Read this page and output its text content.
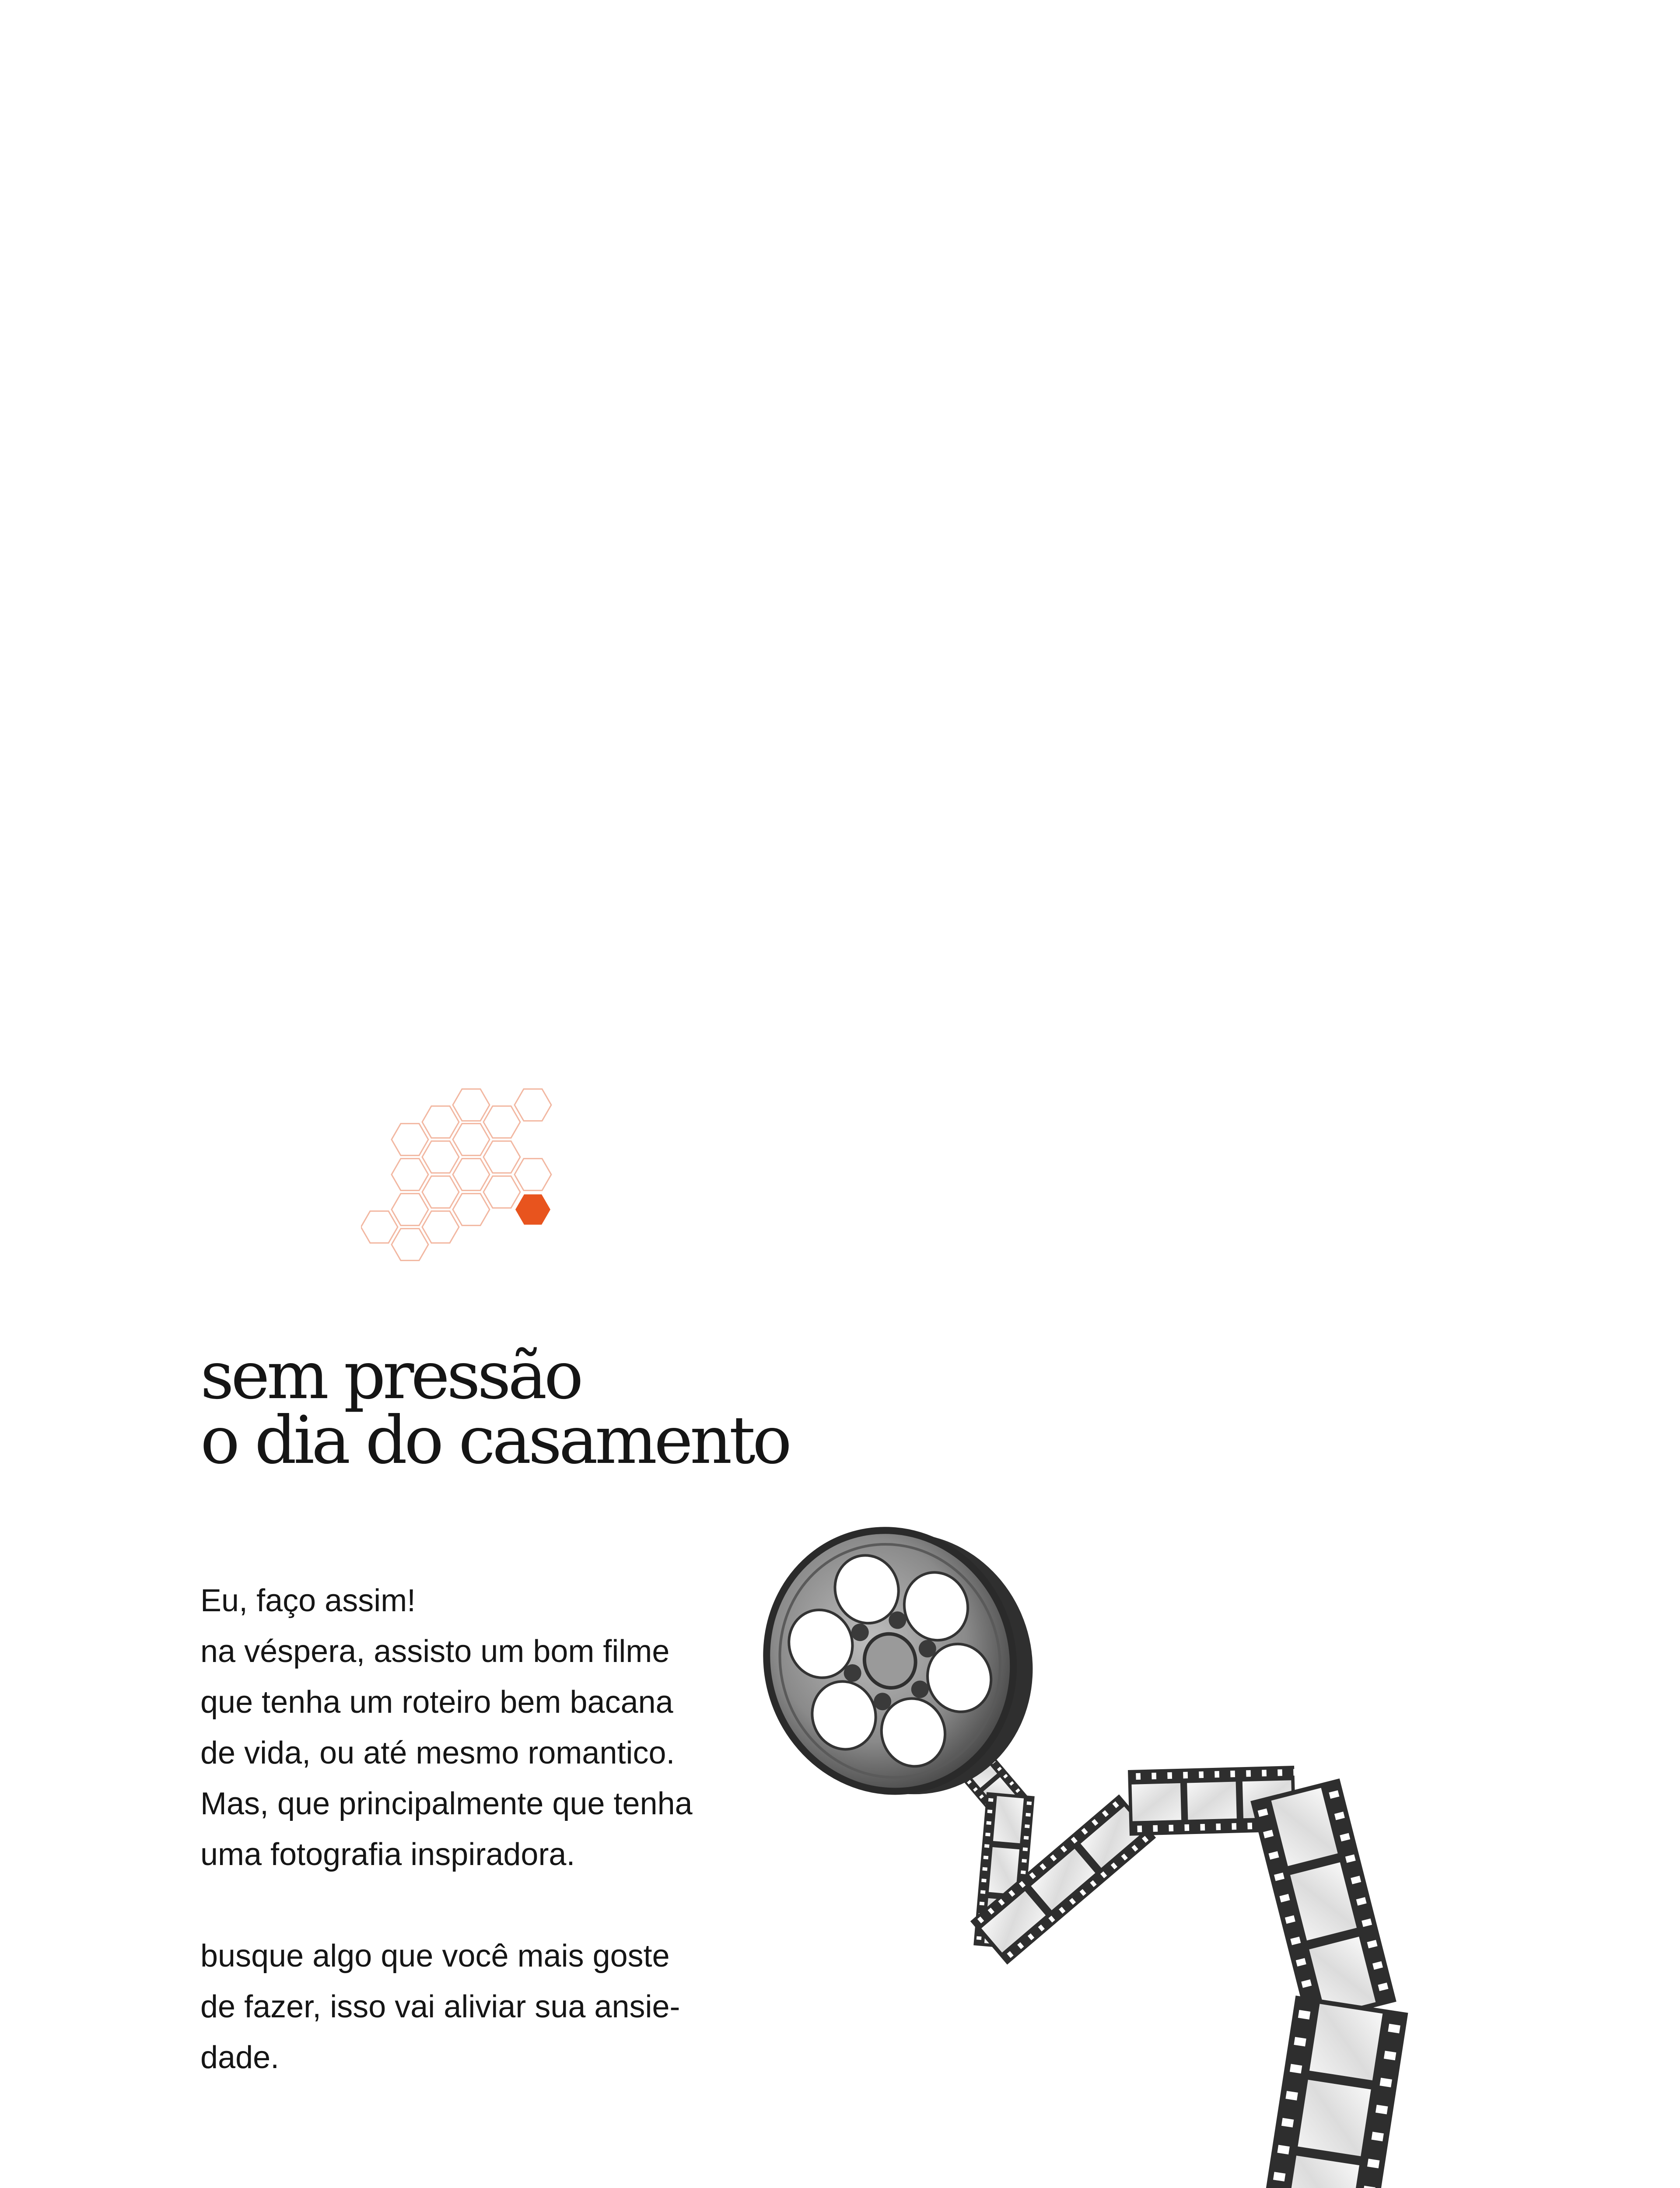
sem pressão
o dia do casamento
Eu, faço assim!
na véspera, assisto um bom filme
que tenha um roteiro bem bacana
de vida, ou até mesmo romantico.
Mas, que principalmente que tenha
uma fotografia inspiradora.
busque algo que você mais goste
de fazer, isso vai aliviar sua ansie-
dade.
